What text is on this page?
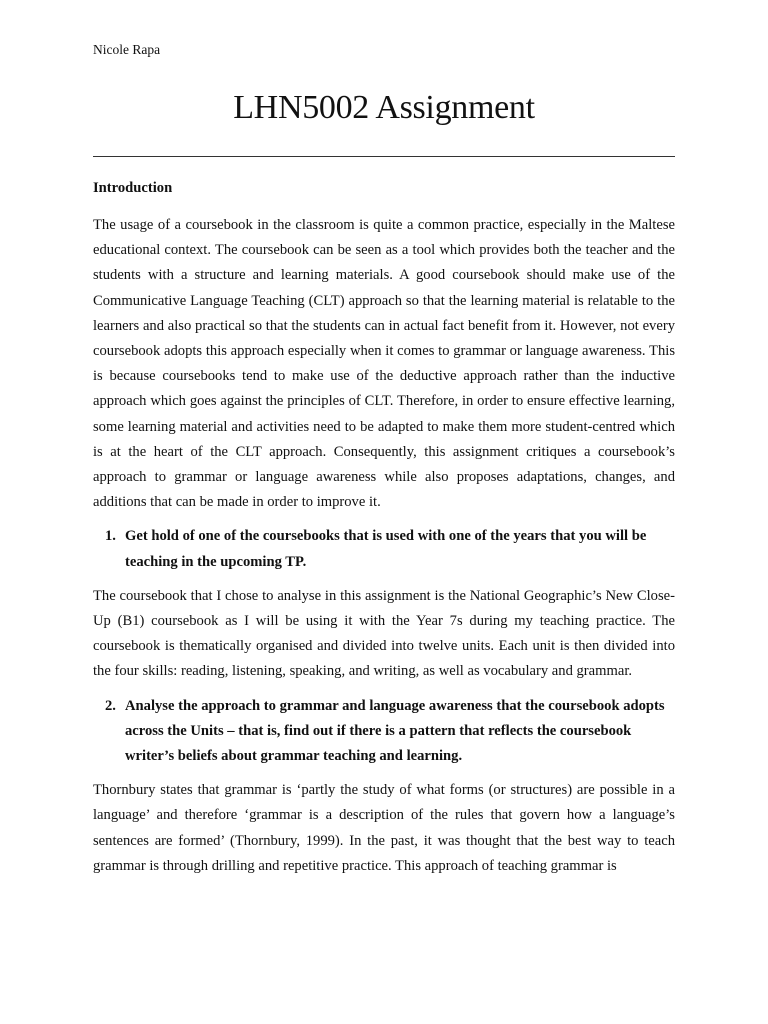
Nicole Rapa
LHN5002 Assignment
Introduction

The usage of a coursebook in the classroom is quite a common practice, especially in the Maltese educational context. The coursebook can be seen as a tool which provides both the teacher and the students with a structure and learning materials. A good coursebook should make use of the Communicative Language Teaching (CLT) approach so that the learning material is relatable to the learners and also practical so that the students can in actual fact benefit from it. However, not every coursebook adopts this approach especially when it comes to grammar or language awareness. This is because coursebooks tend to make use of the deductive approach rather than the inductive approach which goes against the principles of CLT. Therefore, in order to ensure effective learning, some learning material and activities need to be adapted to make them more student-centred which is at the heart of the CLT approach. Consequently, this assignment critiques a coursebook’s approach to grammar or language awareness while also proposes adaptations, changes, and additions that can be made in order to improve it.

1. Get hold of one of the coursebooks that is used with one of the years that you will be teaching in the upcoming TP.

The coursebook that I chose to analyse in this assignment is the National Geographic’s New Close-Up (B1) coursebook as I will be using it with the Year 7s during my teaching practice. The coursebook is thematically organised and divided into twelve units. Each unit is then divided into the four skills: reading, listening, speaking, and writing, as well as vocabulary and grammar.

2. Analyse the approach to grammar and language awareness that the coursebook adopts across the Units – that is, find out if there is a pattern that reflects the coursebook writer’s beliefs about grammar teaching and learning.

Thornbury states that grammar is ‘partly the study of what forms (or structures) are possible in a language’ and therefore ‘grammar is a description of the rules that govern how a language’s sentences are formed’ (Thornbury, 1999). In the past, it was thought that the best way to teach grammar is through drilling and repetitive practice. This approach of teaching grammar is
